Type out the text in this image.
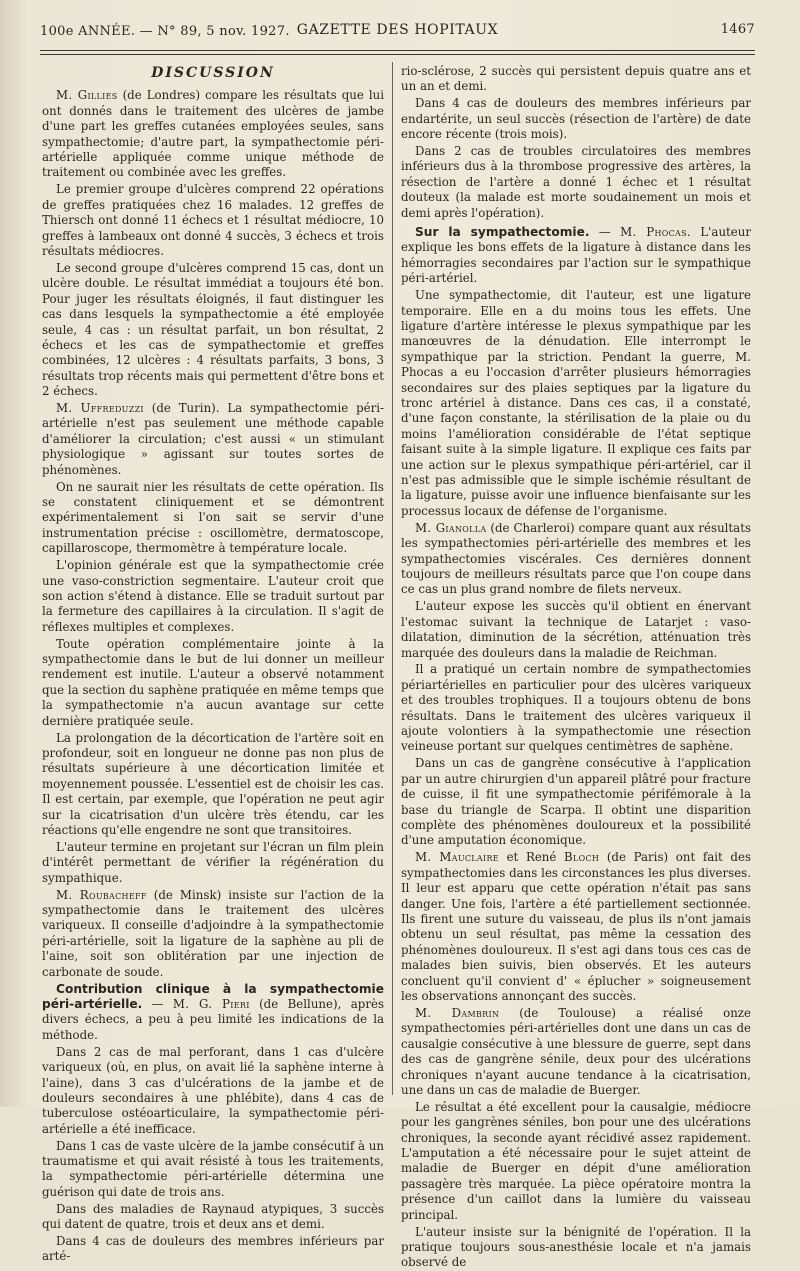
100e ANNÉE. — N° 89, 5 nov. 1927. GAZETTE DES HOPITAUX	1467
DISCUSSION

M. Gillies (de Londres) compare les résultats que lui ont donnés dans le traitement des ulcères de jambe d'une part les greffes cutanées employées seules, sans sympathectomie; d'autre part, la sympathectomie péri-artérielle appliquée comme unique méthode de traitement ou combinée avec les greffes.

Le premier groupe d'ulcères comprend 22 opérations de greffes pratiquées chez 16 malades. 12 greffes de Thiersch ont donné 11 échecs et 1 résultat médiocre, 10 greffes à lambeaux ont donné 4 succès, 3 échecs et trois résultats médiocres.

Le second groupe d'ulcères comprend 15 cas, dont un ulcère double. Le résultat immédiat a toujours été bon. Pour juger les résultats éloignés, il faut distinguer les cas dans lesquels la sympathectomie a été employée seule, 4 cas : un résultat parfait, un bon résultat, 2 échecs et les cas de sympathectomie et greffes combinées, 12 ulcères : 4 résultats parfaits, 3 bons, 3 résultats trop récents mais qui permettent d'être bons et 2 échecs.

M. Uffreduzzi (de Turin). La sympathectomie péri-artérielle n'est pas seulement une méthode capable d'améliorer la circulation; c'est aussi « un stimulant physiologique » agissant sur toutes sortes de phénomènes.

On ne saurait nier les résultats de cette opération. Ils se constatent cliniquement et se démontrent expérimentalement si l'on sait se servir d'une instrumentation précise : oscillomètre, dermatoscope, capillaroscope, thermomètre à température locale.

L'opinion générale est que la sympathectomie crée une vaso-constriction segmentaire. L'auteur croit que son action s'étend à distance. Elle se traduit surtout par la fermeture des capillaires à la circulation. Il s'agit de réflexes multiples et complexes.

Toute opération complémentaire jointe à la sympathectomie dans le but de lui donner un meilleur rendement est inutile. L'auteur a observé notamment que la section du saphène pratiquée en même temps que la sympathectomie n'a aucun avantage sur cette dernière pratiquée seule.

La prolongation de la décortication de l'artère soit en profondeur, soit en longueur ne donne pas non plus de résultats supérieure à une décortication limitée et moyennement poussée. L'essentiel est de choisir les cas. Il est certain, par exemple, que l'opération ne peut agir sur la cicatrisation d'un ulcère très étendu, car les réactions qu'elle engendre ne sont que transitoires.

L'auteur termine en projetant sur l'écran un film plein d'intérêt permettant de vérifier la régénération du sympathique.

M. Roubacheff (de Minsk) insiste sur l'action de la sympathectomie dans le traitement des ulcères variqueux. Il conseille d'adjoindre à la sympathectomie péri-artérielle, soit la ligature de la saphène au pli de l'aine, soit son oblitération par une injection de carbonate de soude.

Contribution clinique à la sympathectomie péri-artérielle. — M. G. Pieri (de Bellune), après divers échecs, a peu à peu limité les indications de la méthode.

Dans 2 cas de mal perforant, dans 1 cas d'ulcère variqueux (où, en plus, on avait lié la saphène interne à l'aine), dans 3 cas d'ulcérations de la jambe et de douleurs secondaires à une phlébite), dans 4 cas de tuberculose ostéoarticulaire, la sympathectomie péri-artérielle a été inefficace.

Dans 1 cas de vaste ulcère de la jambe consécutif à un traumatisme et qui avait résisté à tous les traitements, la sympathectomie péri-artérielle détermina une guérison qui date de trois ans.

Dans des maladies de Raynaud atypiques, 3 succès qui datent de quatre, trois et deux ans et demi.

Dans 4 cas de douleurs des membres inférieurs par arté-

rio-sclérose, 2 succès qui persistent depuis quatre ans et un an et demi.

Dans 4 cas de douleurs des membres inférieurs par endartérite, un seul succès (résection de l'artère) de date encore récente (trois mois).

Dans 2 cas de troubles circulatoires des membres inférieurs dus à la thrombose progressive des artères, la résection de l'artère a donné 1 échec et 1 résultat douteux (la malade est morte soudainement un mois et demi après l'opération).

Sur la sympathectomie. — M. Phocas. L'auteur explique les bons effets de la ligature à distance dans les hémorragies secondaires par l'action sur le sympathique péri-artériel.

Une sympathectomie, dit l'auteur, est une ligature temporaire. Elle en a du moins tous les effets. Une ligature d'artère intéresse le plexus sympathique par les manœuvres de la dénudation. Elle interrompt le sympathique par la striction. Pendant la guerre, M. Phocas a eu l'occasion d'arrêter plusieurs hémorragies secondaires sur des plaies septiques par la ligature du tronc artériel à distance. Dans ces cas, il a constaté, d'une façon constante, la stérilisation de la plaie ou du moins l'amélioration considérable de l'état septique faisant suite à la simple ligature. Il explique ces faits par une action sur le plexus sympathique péri-artériel, car il n'est pas admissible que le simple ischémie résultant de la ligature, puisse avoir une influence bienfaisante sur les processus locaux de défense de l'organisme.

M. Gianolla (de Charleroi) compare quant aux résultats les sympathectomies péri-artérielle des membres et les sympathectomies viscérales. Ces dernières donnent toujours de meilleurs résultats parce que l'on coupe dans ce cas un plus grand nombre de filets nerveux.

L'auteur expose les succès qu'il obtient en énervant l'estomac suivant la technique de Latarjet : vaso-dilatation, diminution de la sécrétion, atténuation très marquée des douleurs dans la maladie de Reichman.

Il a pratiqué un certain nombre de sympathectomies périartérielles en particulier pour des ulcères variqueux et des troubles trophiques. Il a toujours obtenu de bons résultats. Dans le traitement des ulcères variqueux il ajoute volontiers à la sympathectomie une résection veineuse portant sur quelques centimètres de saphène.

Dans un cas de gangrène consécutive à l'application par un autre chirurgien d'un appareil plâtré pour fracture de cuisse, il fit une sympathectomie périfémorale à la base du triangle de Scarpa. Il obtint une disparition complète des phénomènes douloureux et la possibilité d'une amputation économique.

M. Mauclaire et René Bloch (de Paris) ont fait des sympathectomies dans les circonstances les plus diverses. Il leur est apparu que cette opération n'était pas sans danger. Une fois, l'artère a été partiellement sectionnée. Ils firent une suture du vaisseau, de plus ils n'ont jamais obtenu un seul résultat, pas même la cessation des phénomènes douloureux. Il s'est agi dans tous ces cas de malades bien suivis, bien observés. Et les auteurs concluent qu'il convient d' « éplucher » soigneusement les observations annonçant des succès.

M. Dambrin (de Toulouse) a réalisé onze sympathectomies péri-artérielles dont une dans un cas de causalgie consécutive à une blessure de guerre, sept dans des cas de gangrène sénile, deux pour des ulcérations chroniques n'ayant aucune tendance à la cicatrisation, une dans un cas de maladie de Buerger.

Le résultat a été excellent pour la causalgie, médiocre pour les gangrènes séniles, bon pour une des ulcérations chroniques, la seconde ayant récidivé assez rapidement. L'amputation a été nécessaire pour le sujet atteint de maladie de Buerger en dépit d'une amélioration passagère très marquée. La pièce opératoire montra la présence d'un caillot dans la lumière du vaisseau principal.

L'auteur insiste sur la bénignité de l'opération. Il la pratique toujours sous-anesthésie locale et n'a jamais observé de
